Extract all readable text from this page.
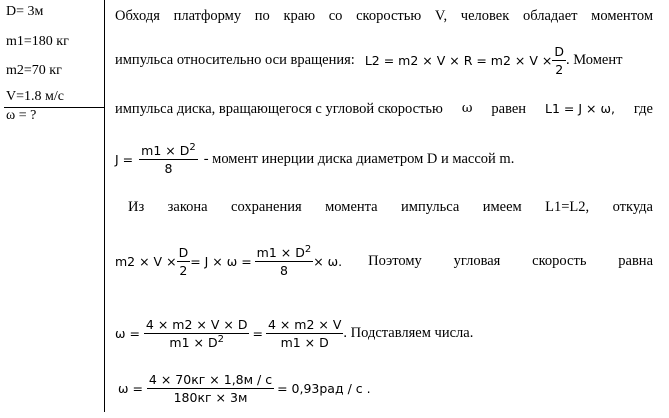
D= 3м
m1=180 кг
m2=70 кг
V=1.8 м/с
ω = ?
Обходя платформу по краю со скоростью V, человек обладает моментом
импульса относительно оси вращения: $L2 = m2 \times V \times R = m2 \times V \times \frac{D}{2}$ . Момент
импульса диска, вращающегося с угловой скоростью ω равен L1 = J × ω, где
$J = \frac{m1 \times D^2}{8}$ - момент инерции диска диаметром D и массой m.
Из закона сохранения момента импульса имеем L1=L2, откуда
$m2 \times V \times \frac{D}{2} = J \times \omega = \frac{m1 \times D^2}{8} \times \omega$. Поэтому угловая скорость равна
$\omega = \frac{4 \times m2 \times V \times D}{m1 \times D^2} = \frac{4 \times m2 \times V}{m1 \times D}$ . Подставляем числа.
ω =
4 × 70кг × 1,8м / с
180кг × 3м
= 0,93рад / с .
